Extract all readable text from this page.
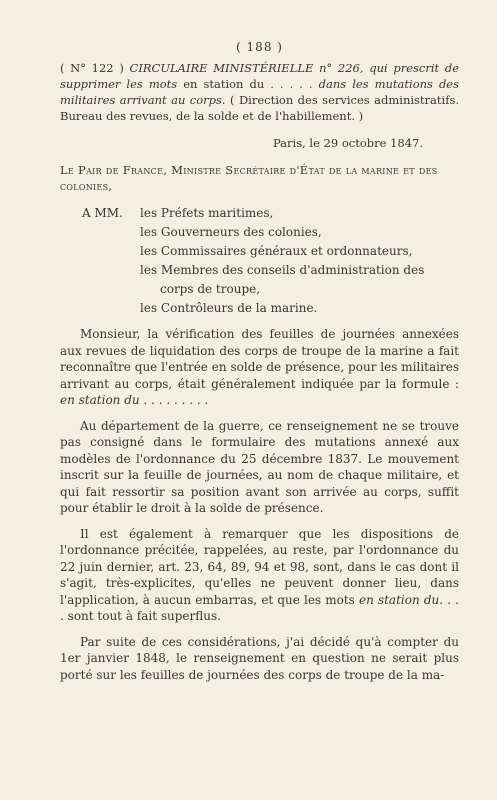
( 188 )

( N° 122 ) CIRCULAIRE MINISTÉRIELLE n° 226, qui prescrit de supprimer les mots en station du . . . . . dans les mutations des militaires arrivant au corps. ( Direction des services administratifs. Bureau des revues, de la solde et de l'habillement. )

Paris, le 29 octobre 1847.
Le Pair de France, Ministre Secrétaire d'État de la marine et des colonies,
A MM. les Préfets maritimes,
les Gouverneurs des colonies,
les Commissaires généraux et ordonnateurs,
les Membres des conseils d'administration des
corps de troupe,
les Contrôleurs de la marine.

Monsieur, la vérification des feuilles de journées annexées aux revues de liquidation des corps de troupe de la marine a fait reconnaître que l'entrée en solde de présence, pour les militaires arrivant au corps, était généralement indiquée par la formule : en station du . . . . . . . . .

Au département de la guerre, ce renseignement ne se trouve pas consigné dans le formulaire des mutations annexé aux modèles de l'ordonnance du 25 décembre 1837. Le mouvement inscrit sur la feuille de journées, au nom de chaque militaire, et qui fait ressortir sa position avant son arrivée au corps, suffit pour établir le droit à la solde de présence.

Il est également à remarquer que les dispositions de l'ordonnance précitée, rappelées, au reste, par l'ordonnance du 22 juin dernier, art. 23, 64, 89, 94 et 98, sont, dans le cas dont il s'agit, très-explicites, qu'elles ne peuvent donner lieu, dans l'application, à aucun embarras, et que les mots en station du. . . . sont tout à fait superflus.

Par suite de ces considérations, j'ai décidé qu'à compter du 1er janvier 1848, le renseignement en question ne serait plus porté sur les feuilles de journées des corps de troupe de la ma-
